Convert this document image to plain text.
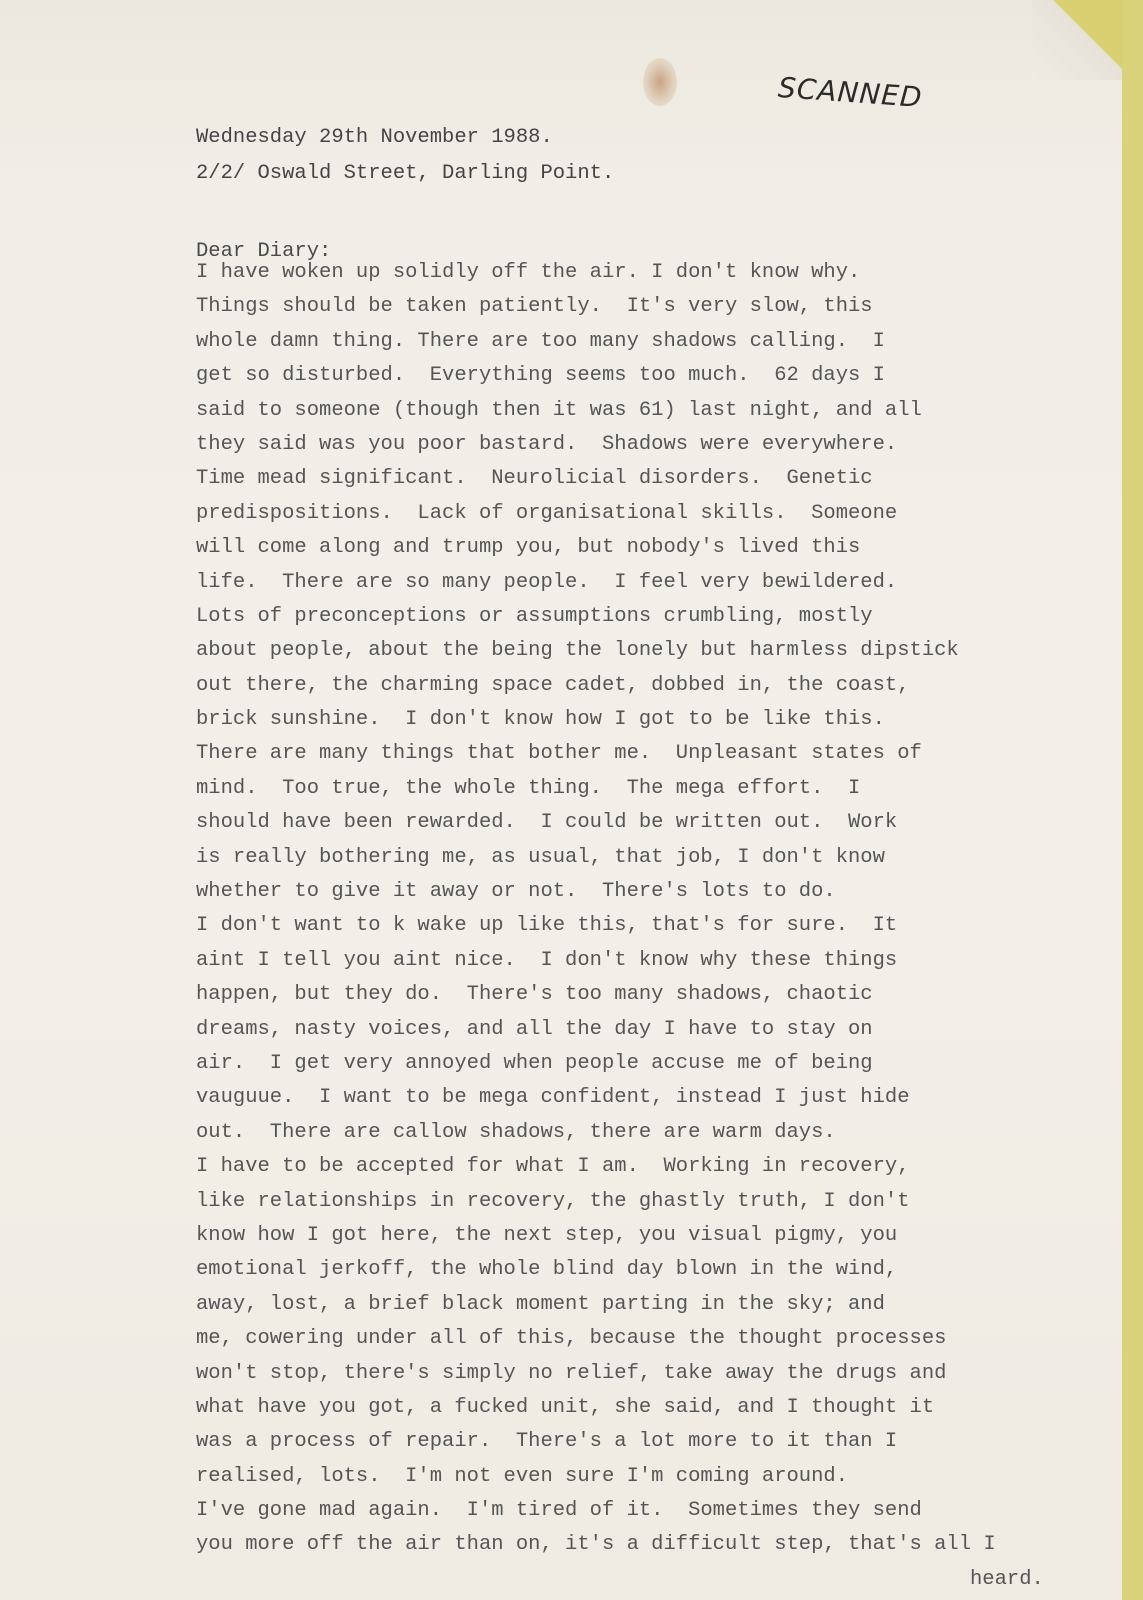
SCANNED
Wednesday 29th November 1988.
2/2/ Oswald Street, Darling Point.
Dear Diary:
I have woken up solidly off the air. I don't know why.
Things should be taken patiently.  It's very slow, this
whole damn thing. There are too many shadows calling.  I
get so disturbed.  Everything seems too much.  62 days I
said to someone (though then it was 61) last night, and all
they said was you poor bastard.  Shadows were everywhere.
Time mead significant.  Neurolicial disorders.  Genetic
predispositions.  Lack of organisational skills.  Someone
will come along and trump you, but nobody's lived this
life.  There are so many people.  I feel very bewildered.
Lots of preconceptions or assumptions crumbling, mostly
about people, about the being the lonely but harmless dipstick
out there, the charming space cadet, dobbed in, the coast,
brick sunshine.  I don't know how I got to be like this.
There are many things that bother me.  Unpleasant states of
mind.  Too true, the whole thing.  The mega effort.  I
should have been rewarded.  I could be written out.  Work
is really bothering me, as usual, that job, I don't know
whether to give it away or not.  There's lots to do.
I don't want to k wake up like this, that's for sure.  It
aint I tell you aint nice.  I don't know why these things
happen, but they do.  There's too many shadows, chaotic
dreams, nasty voices, and all the day I have to stay on
air.  I get very annoyed when people accuse me of being
vauguue.  I want to be mega confident, instead I just hide
out.  There are callow shadows, there are warm days.
I have to be accepted for what I am.  Working in recovery,
like relationships in recovery, the ghastly truth, I don't
know how I got here, the next step, you visual pigmy, you
emotional jerkoff, the whole blind day blown in the wind,
away, lost, a brief black moment parting in the sky; and
me, cowering under all of this, because the thought processes
won't stop, there's simply no relief, take away the drugs and
what have you got, a fucked unit, she said, and I thought it
was a process of repair.  There's a lot more to it than I
realised, lots.  I'm not even sure I'm coming around.
I've gone mad again.  I'm tired of it.  Sometimes they send
you more off the air than on, it's a difficult step, that's all I
heard.
